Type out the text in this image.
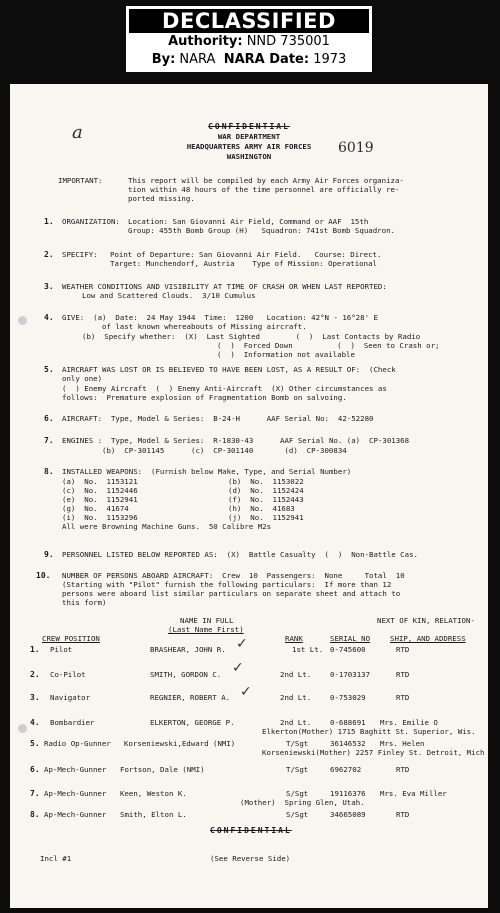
DECLASSIFIED
Authority: NND 735001
By: NARA NARA Date: 1973
a	CONFIDENTIAL
WAR DEPARTMENT
HEADQUARTERS ARMY AIR FORCES
WASHINGTON
6019
IMPORTANT:	This report will be compiled by each Army Air Forces organiza-
tion within 48 hours of the time personnel are officially re-
ported missing.
1. ORGANIZATION: Location: San Giovanni Air Field, Command or AAF  15th
Group: 455th Bomb Group (H)   Squadron: 741st Bomb Squadron.
2. SPECIFY: Point of Departure: San Giovanni Air Field.   Course: Direct.
Target: Munchendorf, Austria    Type of Mission: Operational
3. WEATHER CONDITIONS AND VISIBILITY AT TIME OF CRASH OR WHEN LAST REPORTED:
Low and Scattered Clouds.  3/10 Cumulus
4. GIVE:  (a)  Date:  24 May 1944  Time:  1200   Location: 42°N - 16°28' E
of last known whereabouts of Missing aircraft.
(b)  Specify whether:  (X)  Last Sighted        (  )  Last Contacts by Radio
(  )  Forced Down          (  )  Seen to Crash or;
(  )  Information not available
5. AIRCRAFT WAS LOST OR IS BELIEVED TO HAVE BEEN LOST, AS A RESULT OF:  (Check
only one)
(  ) Enemy Aircraft  (  ) Enemy Anti-Aircraft  (X) Other circumstances as
follows:  Premature explosion of Fragmentation Bomb on salvoing.
6. AIRCRAFT:  Type, Model & Series:  B-24-H      AAF Serial No:  42-52280
7. ENGINES :  Type, Model & Series:  R-1830-43      AAF Serial No. (a)  CP-301368
(b)  CP-301145      (c)  CP-301140       (d)  CP-300834
8. INSTALLED WEAPONS:  (Furnish below Make, Type, and Serial Number)
(a)  No.  1153121	(b)  No.  1153022
(c)  No.  1152446	(d)  No.  1152424
(e)  No.  1152941	(f)  No.  1152443
(g)  No.  41674	(h)  No.  41683
(i)  No.  1153296	(j)  No.  1152941
All were Browning Machine Guns.  50 Calibre M2s
9. PERSONNEL LISTED BELOW REPORTED AS:  (X)  Battle Casualty  (  )  Non-Battle Cas.
10. NUMBER OF PERSONS ABOARD AIRCRAFT:  Crew  10  Passengers:  None     Total  10
(Starting with "Pilot" furnish the following particulars:  If more than 12
persons were aboard list similar particulars on separate sheet and attach to
this form)
NAME IN FULL
(Last Name First)
NEXT OF KIN, RELATION-
CREW POSITION	RANK	SERIAL NO	SHIP, AND ADDRESS
1. Pilot	BRASHEAR, JOHN R.	1st Lt. 0-745600	RTD
✓
2. Co-Pilot	SMITH, GORDON C.	2nd Lt.	0-1703137	RTD
✓
3. Navigator	REGNIER, ROBERT A.	2nd Lt.	0-753029	RTD
✓
4. Bombardier	ELKERTON, GEORGE P.	2nd Lt.	0-688691 Mrs. Emilie O
Elkerton(Mother) 1715 Baghitt St. Superior, Wis.
5. Radio Op-Gunner Korseniewski,Edward (NMI)	T/Sgt	36146532 Mrs. Helen
Korseniewski(Mother) 2257 Finley St. Detroit, Mich
6. Ap-Mech-Gunner Fortson, Dale (NMI)	T/Sgt	6962702	RTD
7. Ap-Mech-Gunner Keen, Weston K.	S/Sgt	19116376 Mrs. Eva Miller
(Mother)  Spring Glen, Utah.
8. Ap-Mech-Gunner Smith, Elton L.	S/Sgt	34665089	RTD
CONFIDENTIAL
Incl #1	(See Reverse Side)
